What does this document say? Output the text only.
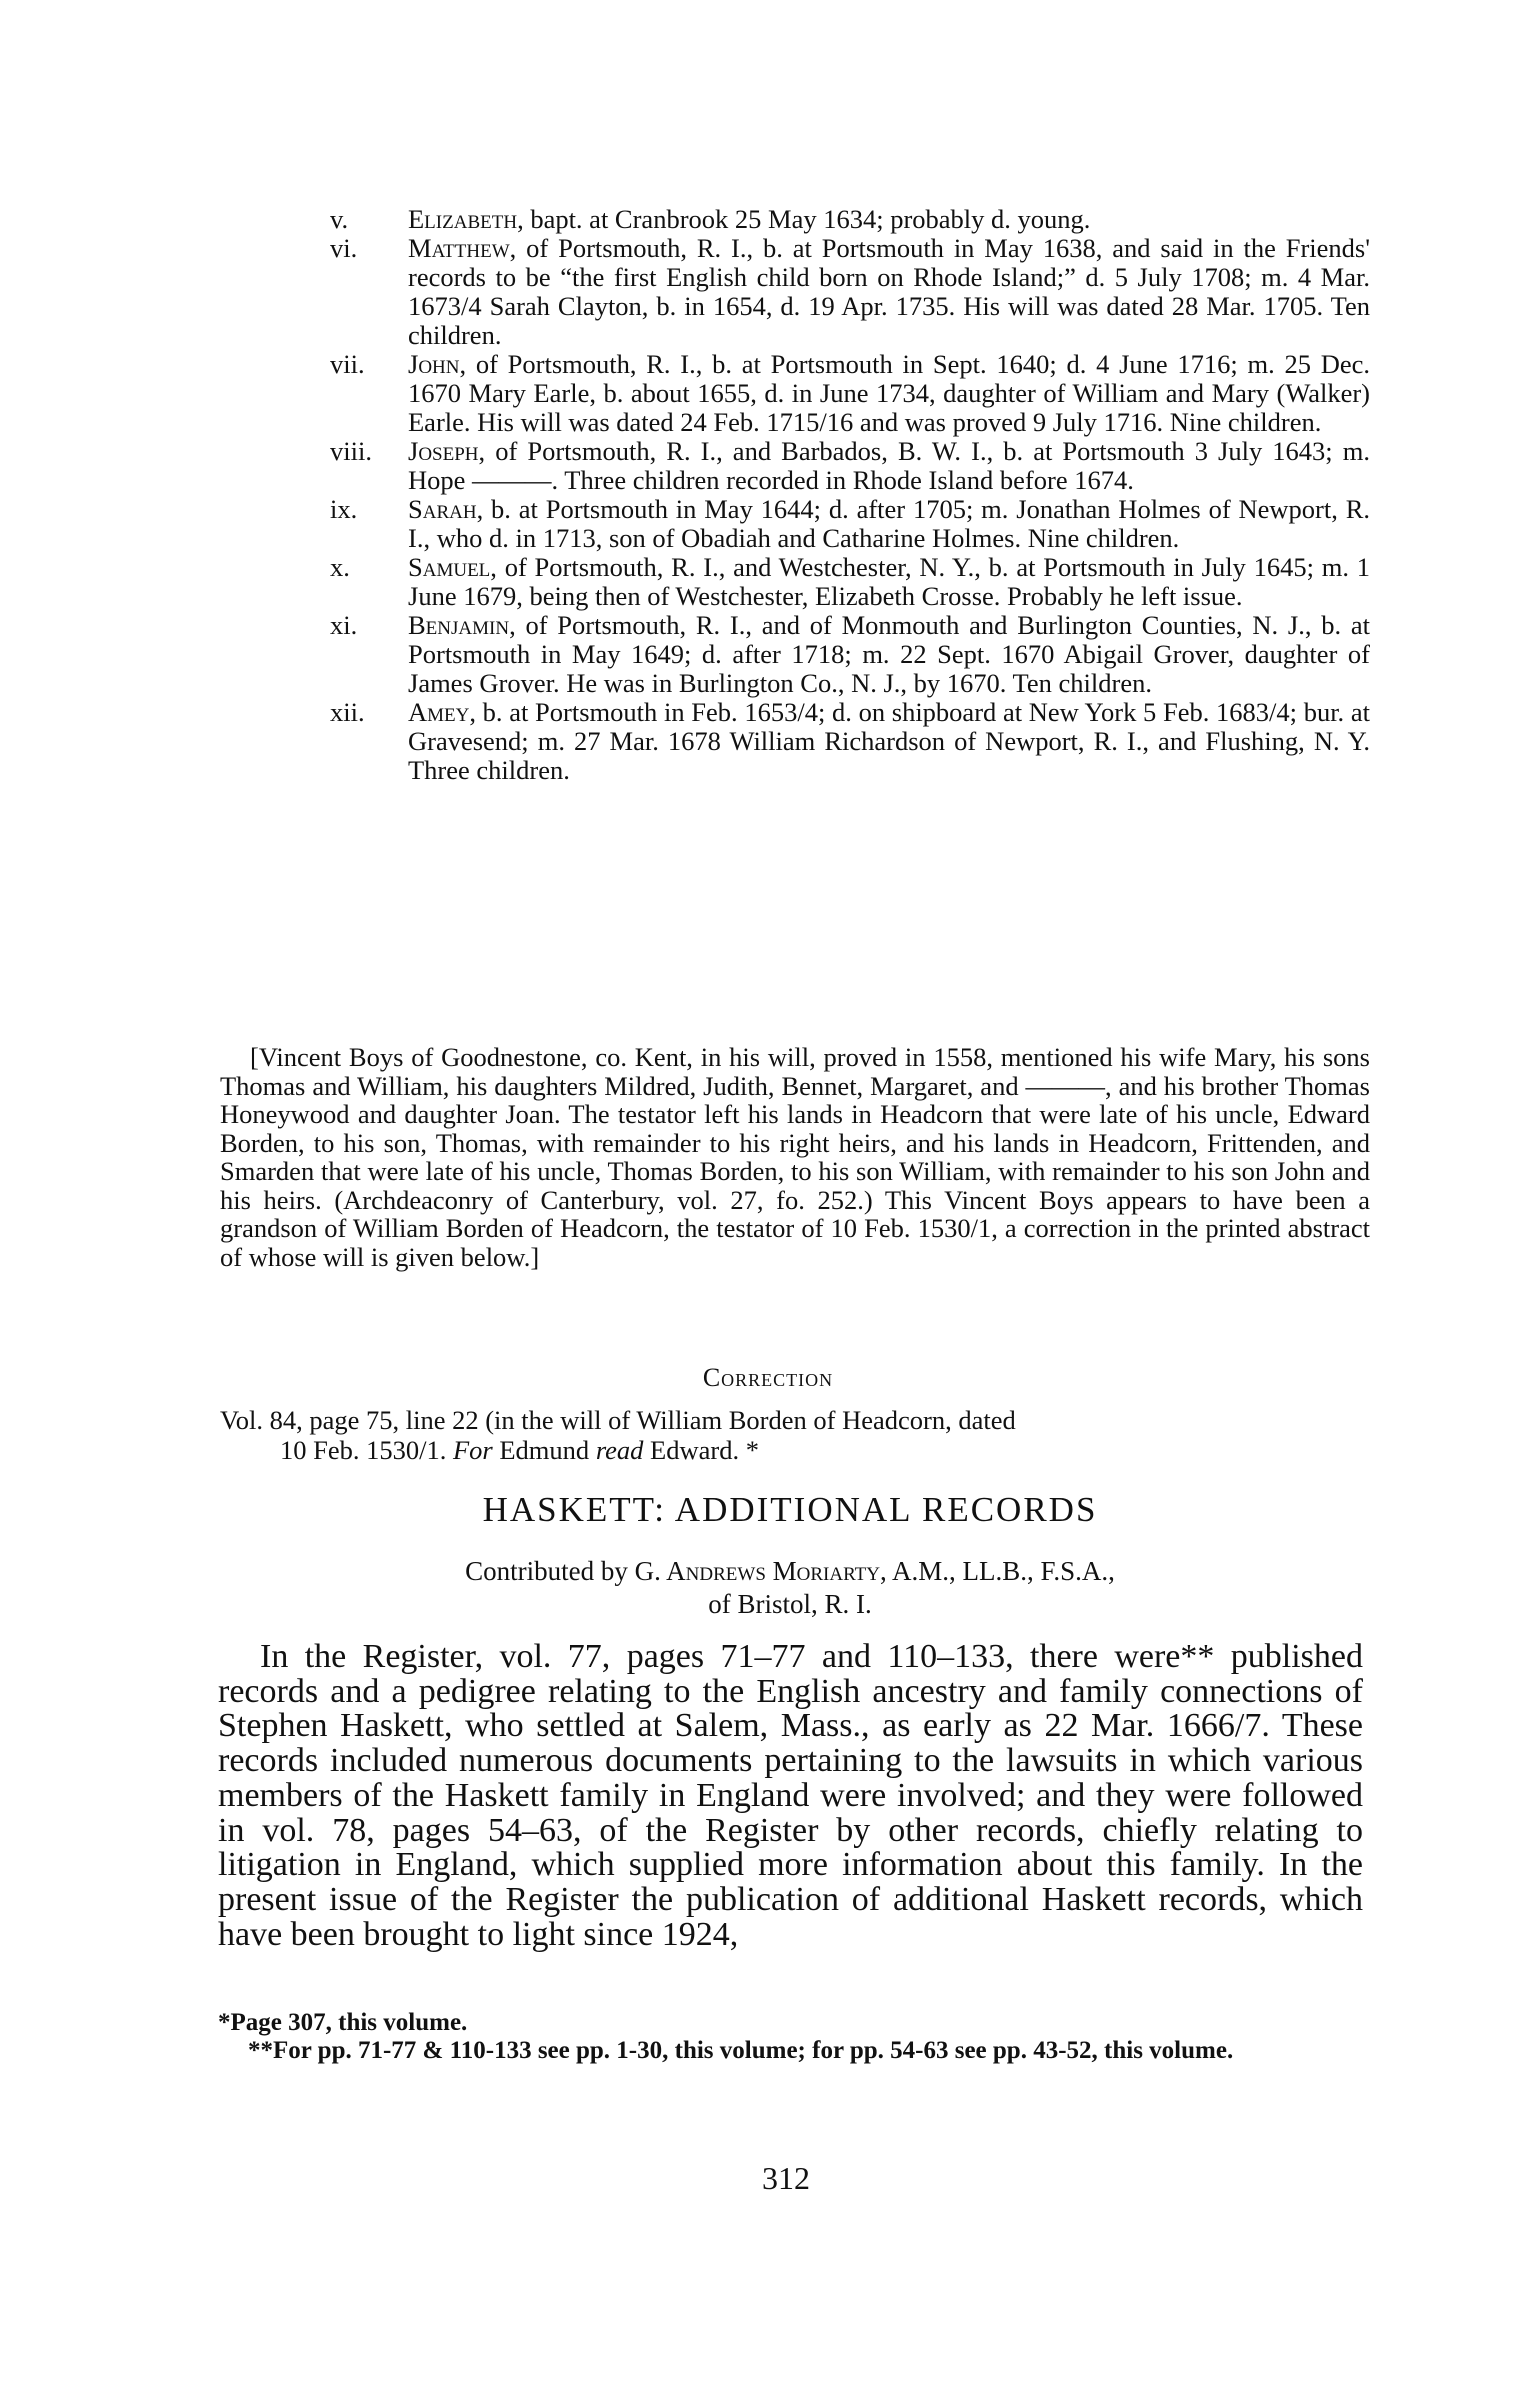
v.	Elizabeth, bapt. at Cranbrook 25 May 1634; probably d. young.
vi.	Matthew, of Portsmouth, R. I., b. at Portsmouth in May 1638, and said in the Friends' records to be “the first English child born on Rhode Island;” d. 5 July 1708; m. 4 Mar. 1673/4 Sarah Clayton, b. in 1654, d. 19 Apr. 1735. His will was dated 28 Mar. 1705. Ten children.
vii.	John, of Portsmouth, R. I., b. at Portsmouth in Sept. 1640; d. 4 June 1716; m. 25 Dec. 1670 Mary Earle, b. about 1655, d. in June 1734, daughter of William and Mary (Walker) Earle. His will was dated 24 Feb. 1715/16 and was proved 9 July 1716. Nine children.
viii.	Joseph, of Portsmouth, R. I., and Barbados, B. W. I., b. at Portsmouth 3 July 1643; m. Hope ———. Three children recorded in Rhode Island before 1674.
ix.	Sarah, b. at Portsmouth in May 1644; d. after 1705; m. Jonathan Holmes of Newport, R. I., who d. in 1713, son of Obadiah and Catharine Holmes. Nine children.
x.	Samuel, of Portsmouth, R. I., and Westchester, N. Y., b. at Portsmouth in July 1645; m. 1 June 1679, being then of Westchester, Elizabeth Crosse. Probably he left issue.
xi.	Benjamin, of Portsmouth, R. I., and of Monmouth and Burlington Counties, N. J., b. at Portsmouth in May 1649; d. after 1718; m. 22 Sept. 1670 Abigail Grover, daughter of James Grover. He was in Burlington Co., N. J., by 1670. Ten children.
xii.	Amey, b. at Portsmouth in Feb. 1653/4; d. on shipboard at New York 5 Feb. 1683/4; bur. at Gravesend; m. 27 Mar. 1678 William Richardson of Newport, R. I., and Flushing, N. Y. Three children.
[Vincent Boys of Goodnestone, co. Kent, in his will, proved in 1558, mentioned his wife Mary, his sons Thomas and William, his daughters Mildred, Judith, Bennet, Margaret, and ———, and his brother Thomas Honeywood and daughter Joan. The testator left his lands in Headcorn that were late of his uncle, Edward Borden, to his son, Thomas, with remainder to his right heirs, and his lands in Headcorn, Frittenden, and Smarden that were late of his uncle, Thomas Borden, to his son William, with remainder to his son John and his heirs. (Archdeaconry of Canterbury, vol. 27, fo. 252.) This Vincent Boys appears to have been a grandson of William Borden of Headcorn, the testator of 10 Feb. 1530/1, a correction in the printed abstract of whose will is given below.]
Correction
Vol. 84, page 75, line 22 (in the will of William Borden of Headcorn, dated
10 Feb. 1530/1. For Edmund read Edward. *
HASKETT: ADDITIONAL RECORDS
Contributed by G. Andrews Moriarty, A.M., LL.B., F.S.A.,
of Bristol, R. I.
In the Register, vol. 77, pages 71–77 and 110–133, there were** published records and a pedigree relating to the English ancestry and family connections of Stephen Haskett, who settled at Salem, Mass., as early as 22 Mar. 1666/7. These records included numerous documents pertaining to the lawsuits in which various members of the Haskett family in England were involved; and they were followed in vol. 78, pages 54–63, of the Register by other records, chiefly relating to litigation in England, which supplied more information about this family. In the present issue of the Register the publication of additional Haskett records, which have been brought to light since 1924,
*Page 307, this volume.
**For pp. 71-77 & 110-133 see pp. 1-30, this volume; for pp. 54-63 see pp. 43-52, this volume.
312
